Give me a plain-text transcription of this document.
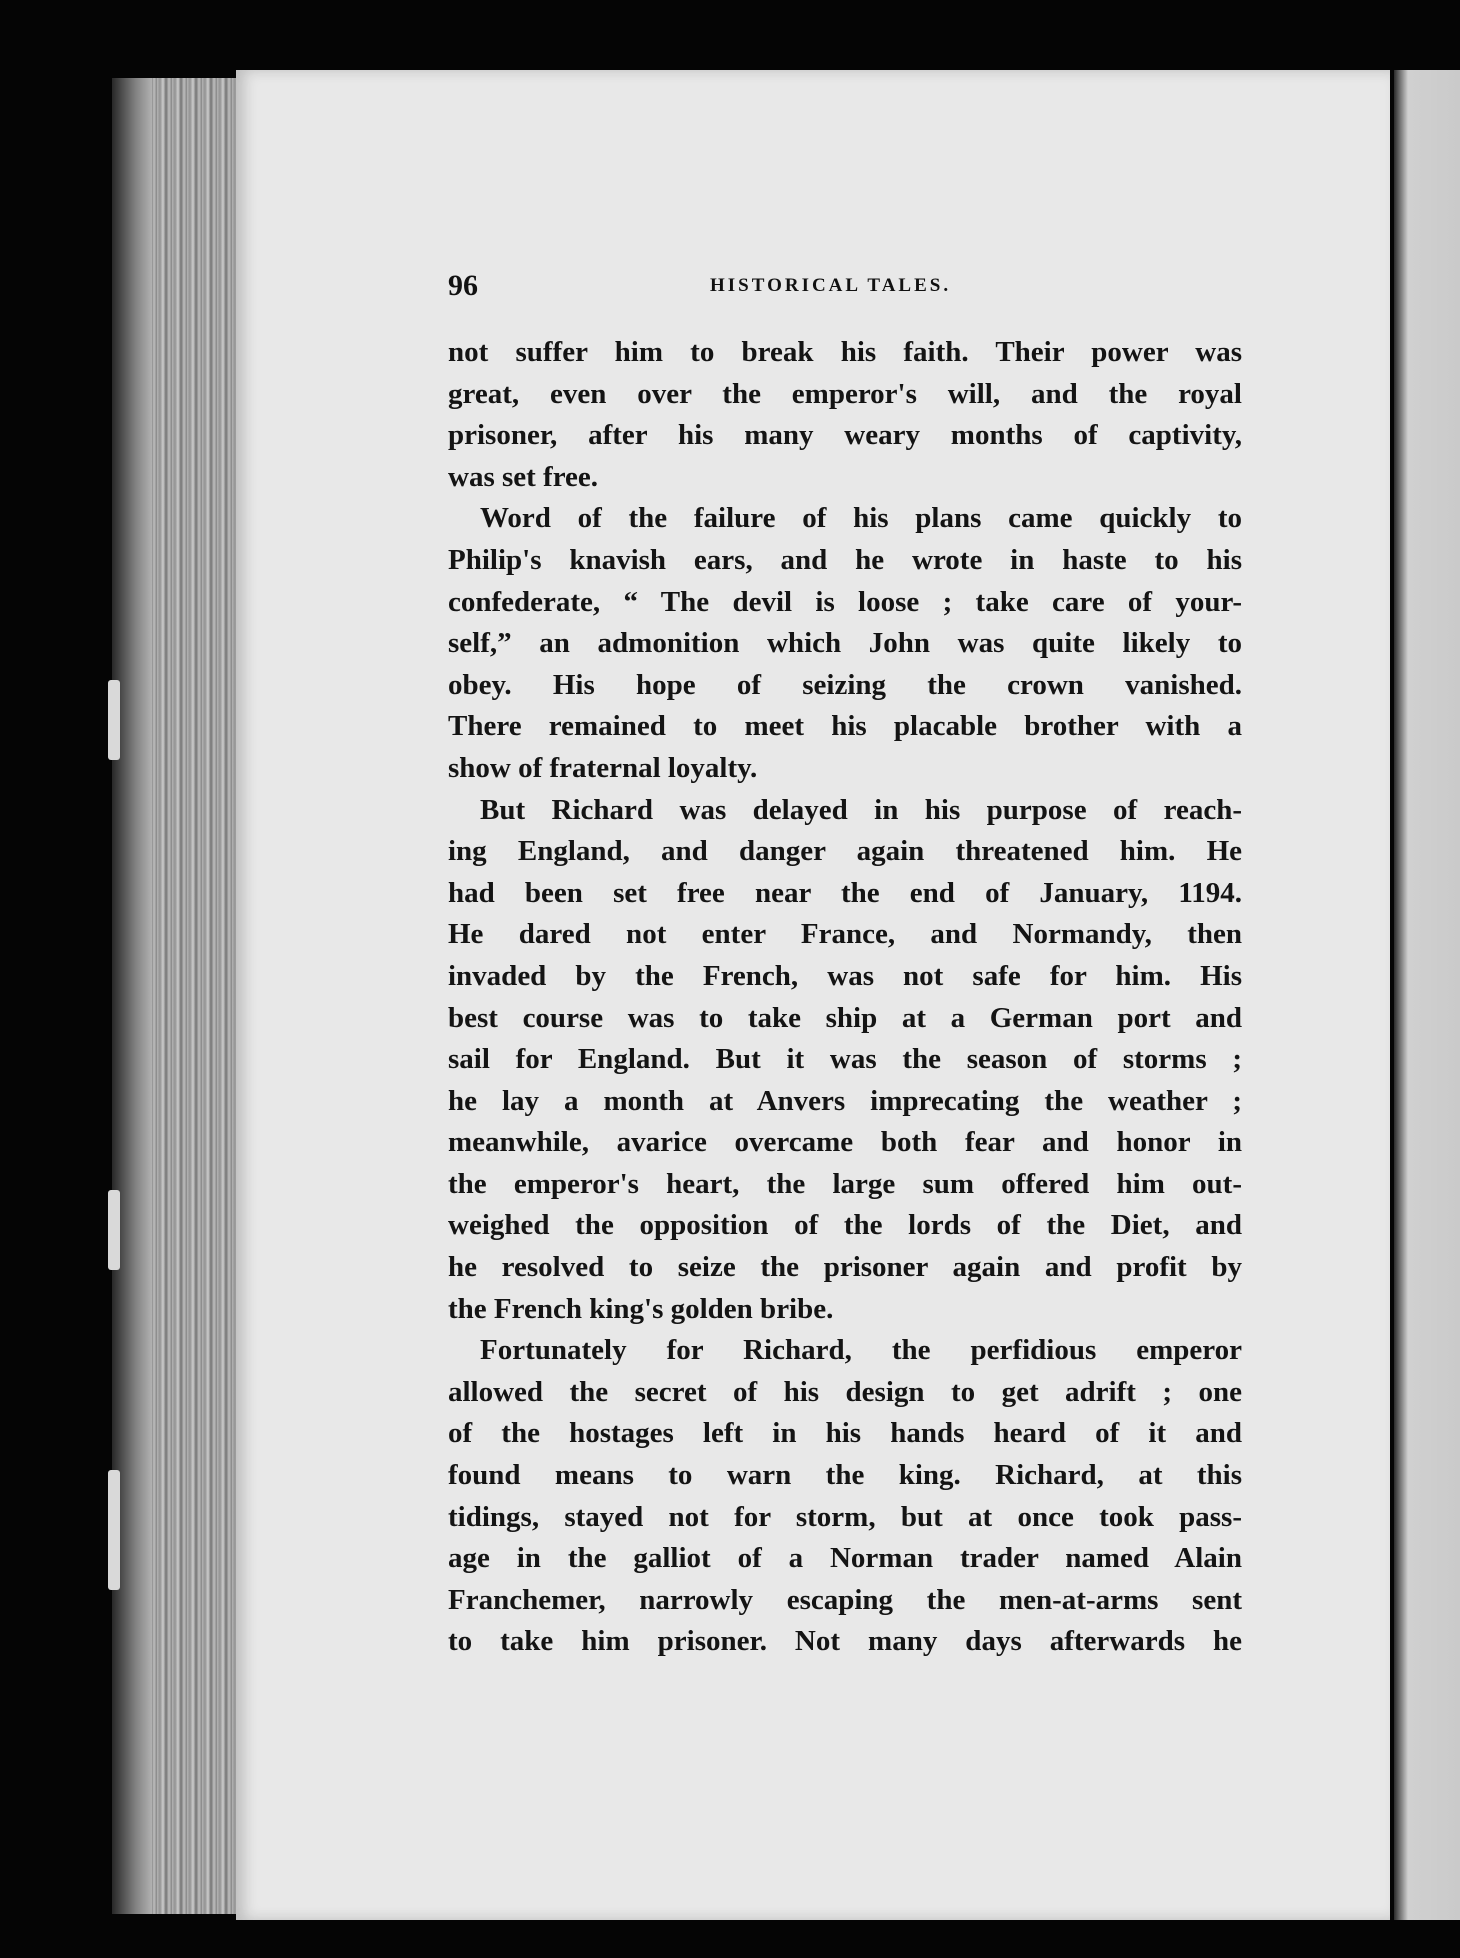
96	HISTORICAL TALES.
not suffer him to break his faith. Their power was
great, even over the emperor's will, and the royal
prisoner, after his many weary months of captivity,
was set free.
Word of the failure of his plans came quickly to
Philip's knavish ears, and he wrote in haste to his
confederate, “ The devil is loose ; take care of your-
self,” an admonition which John was quite likely to
obey. His hope of seizing the crown vanished.
There remained to meet his placable brother with a
show of fraternal loyalty.
But Richard was delayed in his purpose of reach-
ing England, and danger again threatened him. He
had been set free near the end of January, 1194.
He dared not enter France, and Normandy, then
invaded by the French, was not safe for him. His
best course was to take ship at a German port and
sail for England. But it was the season of storms ;
he lay a month at Anvers imprecating the weather ;
meanwhile, avarice overcame both fear and honor in
the emperor's heart, the large sum offered him out-
weighed the opposition of the lords of the Diet, and
he resolved to seize the prisoner again and profit by
the French king's golden bribe.
Fortunately for Richard, the perfidious emperor
allowed the secret of his design to get adrift ; one
of the hostages left in his hands heard of it and
found means to warn the king. Richard, at this
tidings, stayed not for storm, but at once took pass-
age in the galliot of a Norman trader named Alain
Franchemer, narrowly escaping the men-at-arms sent
to take him prisoner. Not many days afterwards he
